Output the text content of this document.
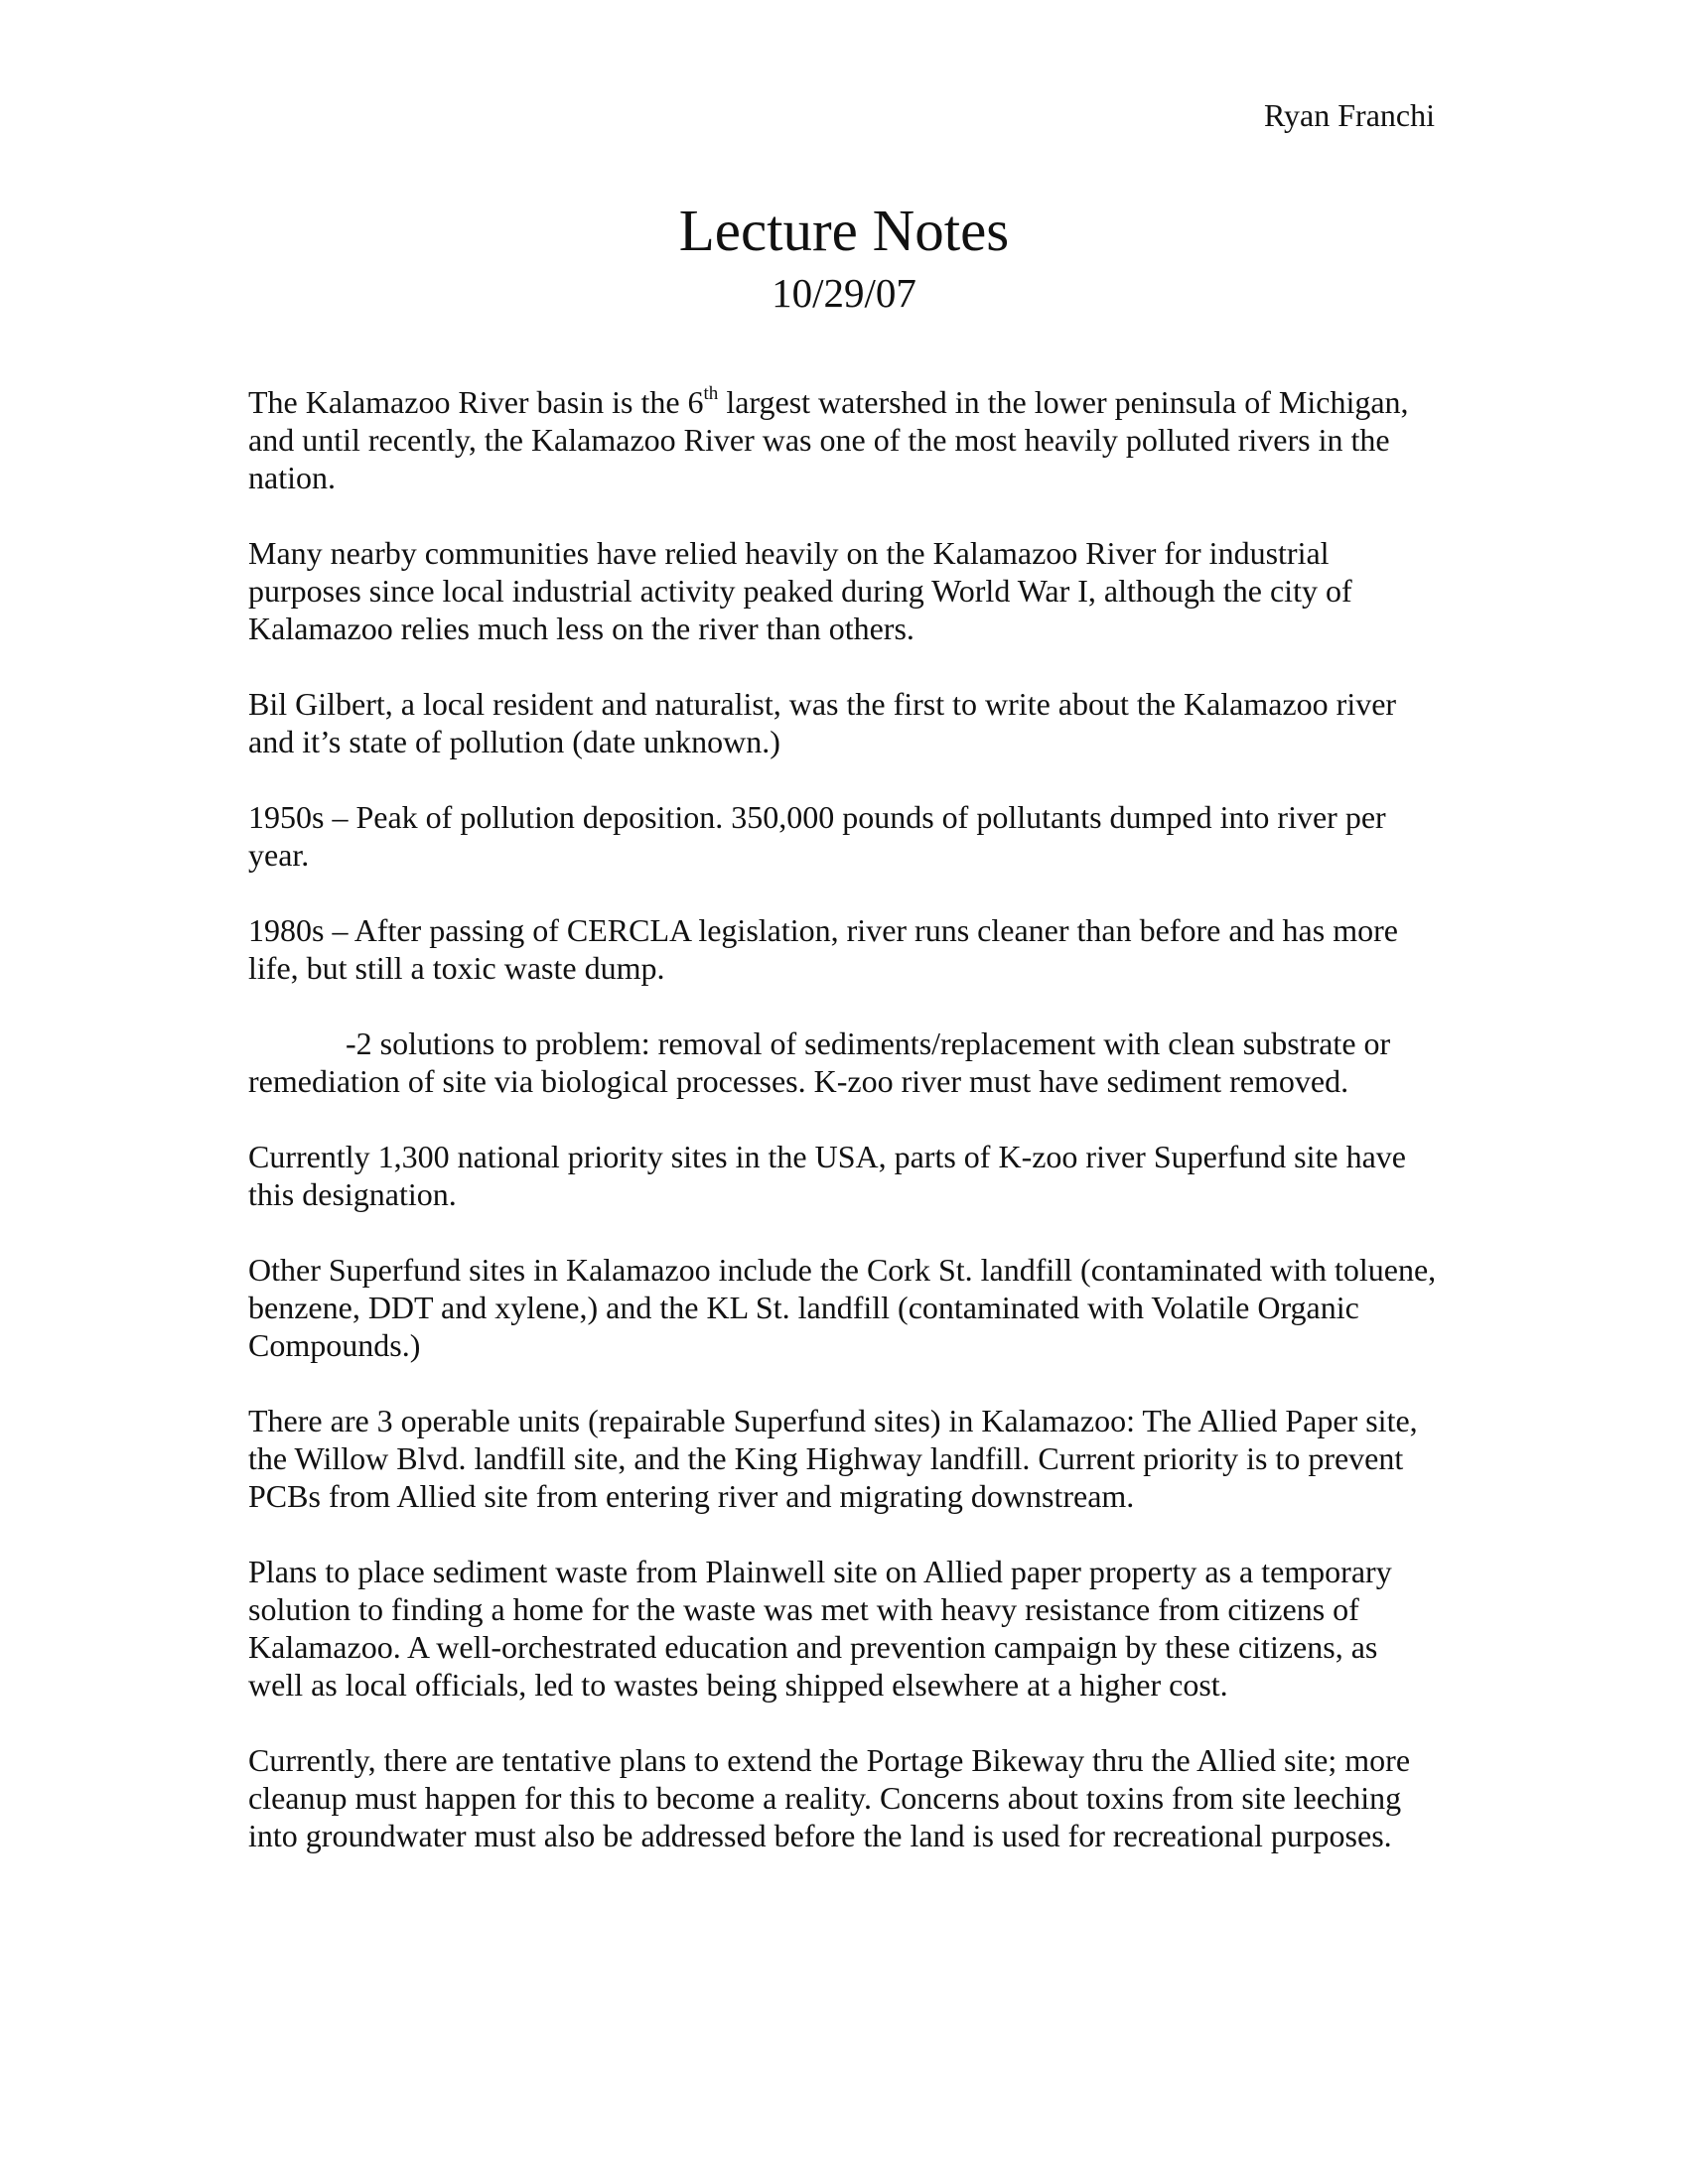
Ryan Franchi
Lecture Notes
10/29/07

The Kalamazoo River basin is the 6th largest watershed in the lower peninsula of Michigan, and until recently, the Kalamazoo River was one of the most heavily polluted rivers in the nation.

Many nearby communities have relied heavily on the Kalamazoo River for industrial purposes since local industrial activity peaked during World War I, although the city of Kalamazoo relies much less on the river than others.

Bil Gilbert, a local resident and naturalist, was the first to write about the Kalamazoo river and it’s state of pollution (date unknown.)

1950s – Peak of pollution deposition. 350,000 pounds of pollutants dumped into river per year.

1980s – After passing of CERCLA legislation, river runs cleaner than before and has more life, but still a toxic waste dump.

-2 solutions to problem: removal of sediments/replacement with clean substrate or remediation of site via biological processes. K-zoo river must have sediment removed.

Currently 1,300 national priority sites in the USA, parts of K-zoo river Superfund site have this designation.

Other Superfund sites in Kalamazoo include the Cork St. landfill (contaminated with toluene, benzene, DDT and xylene,) and the KL St. landfill (contaminated with Volatile Organic Compounds.)

There are 3 operable units (repairable Superfund sites) in Kalamazoo: The Allied Paper site, the Willow Blvd. landfill site, and the King Highway landfill. Current priority is to prevent PCBs from Allied site from entering river and migrating downstream.

Plans to place sediment waste from Plainwell site on Allied paper property as a temporary solution to finding a home for the waste was met with heavy resistance from citizens of Kalamazoo. A well-orchestrated education and prevention campaign by these citizens, as well as local officials, led to wastes being shipped elsewhere at a higher cost.

Currently, there are tentative plans to extend the Portage Bikeway thru the Allied site; more cleanup must happen for this to become a reality. Concerns about toxins from site leeching into groundwater must also be addressed before the land is used for recreational purposes.
